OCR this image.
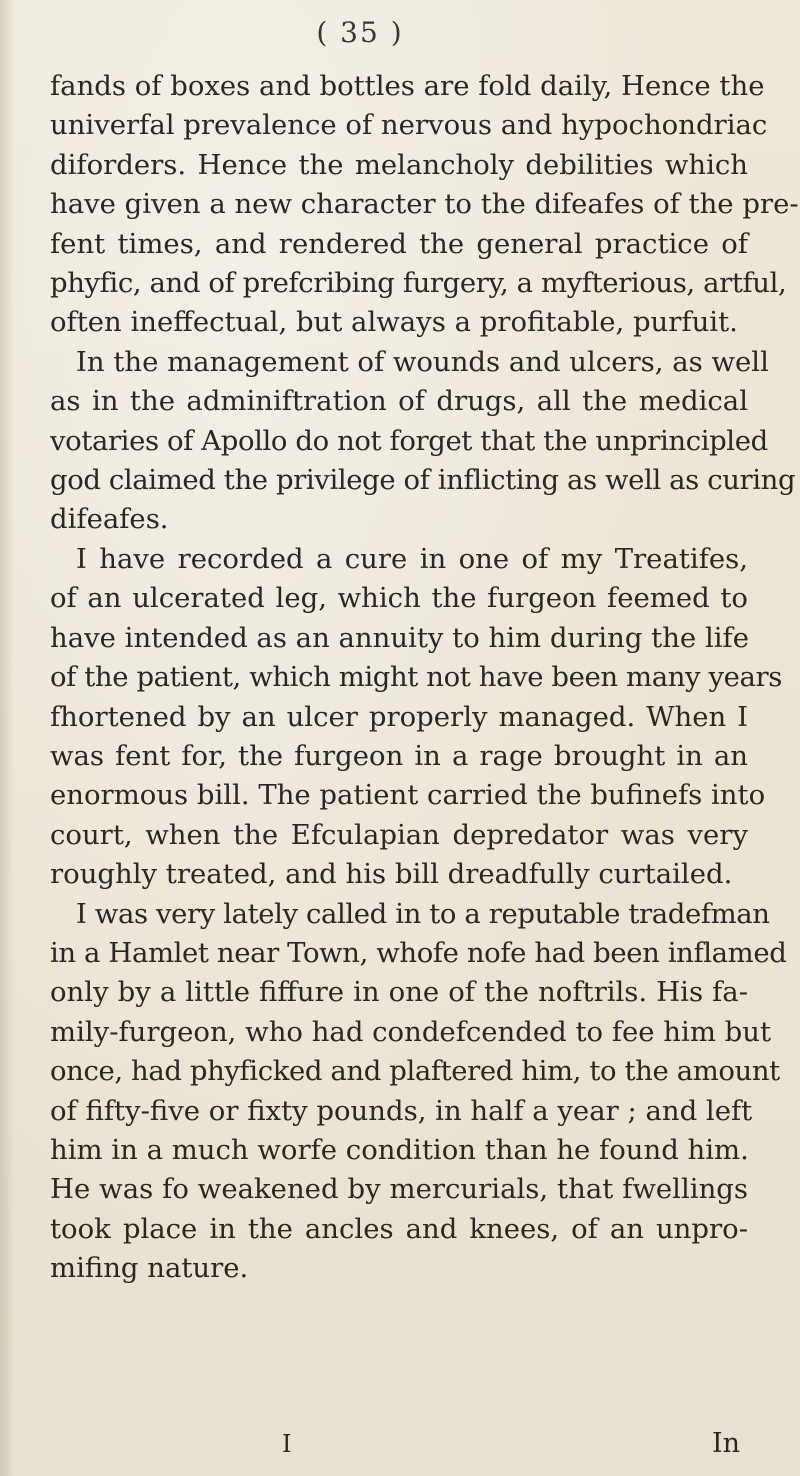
( 35 )
fands of boxes and bottles are fold daily, Hence the
univerfal prevalence of nervous and hypochondriac
diforders. Hence the melancholy debilities which
have given a new character to the difeafes of the pre-
fent times, and rendered the general practice of
phyfic, and of prefcribing furgery, a myfterious, artful,
often ineffectual, but always a profitable, purfuit.
In the management of wounds and ulcers, as well
as in the adminiftration of drugs, all the medical
votaries of Apollo do not forget that the unprincipled
god claimed the privilege of inflicting as well as curing
difeafes.
I have recorded a cure in one of my Treatifes,
of an ulcerated leg, which the furgeon feemed to
have intended as an annuity to him during the life
of the patient, which might not have been many years
fhortened by an ulcer properly managed. When I
was fent for, the furgeon in a rage brought in an
enormous bill. The patient carried the bufinefs into
court, when the Efculapian depredator was very
roughly treated, and his bill dreadfully curtailed.
I was very lately called in to a reputable tradefman
in a Hamlet near Town, whofe nofe had been inflamed
only by a little fiffure in one of the noftrils. His fa-
mily-furgeon, who had condefcended to fee him but
once, had phyficked and plaftered him, to the amount
of fifty-five or fixty pounds, in half a year ; and left
him in a much worfe condition than he found him.
He was fo weakened by mercurials, that fwellings
took place in the ancles and knees, of an unpro-
mifing nature.
I	In
